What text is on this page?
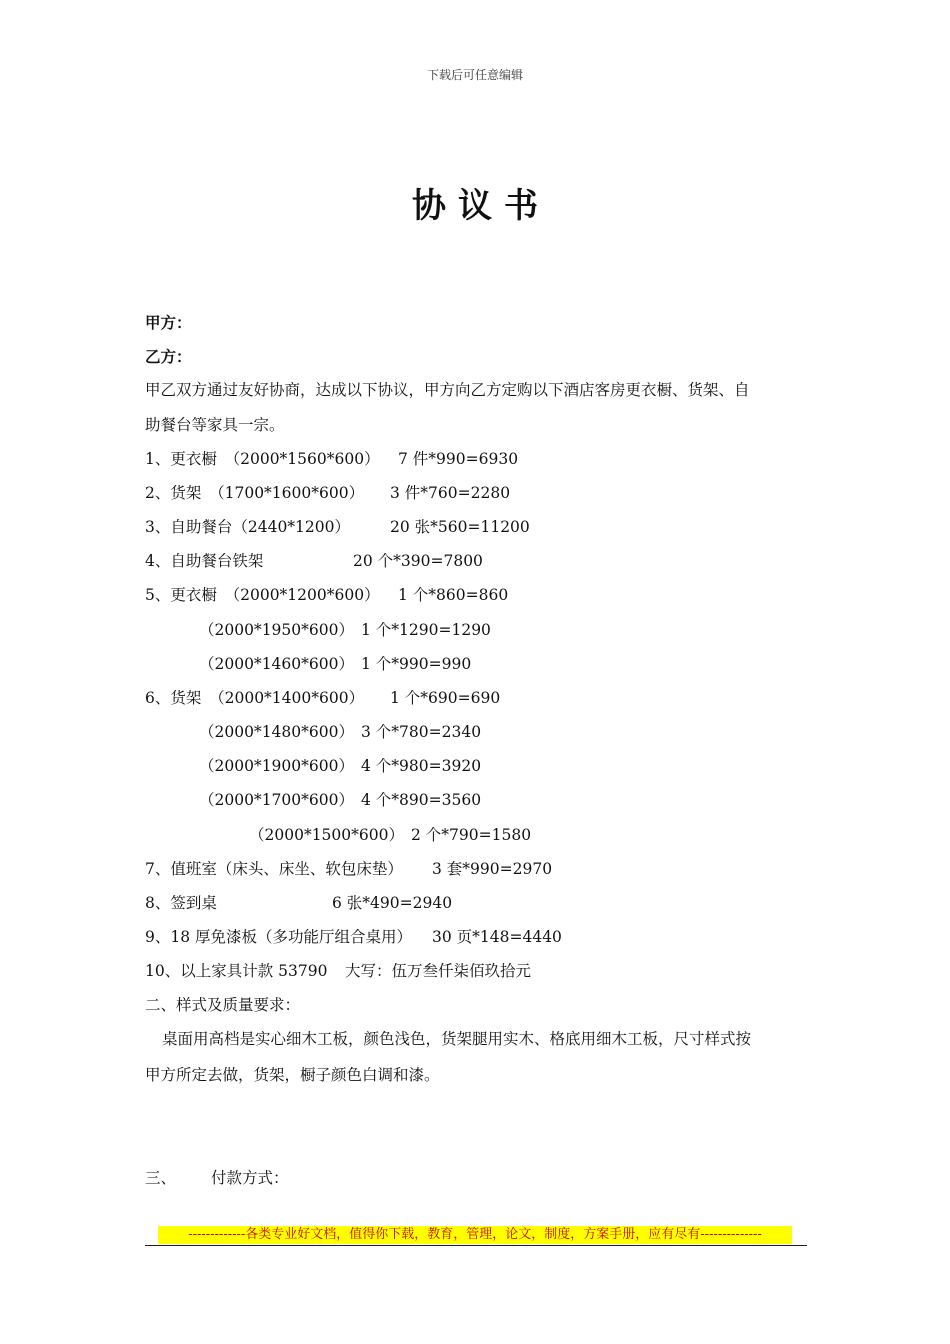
下载后可任意编辑
协议书
甲方：
乙方：
甲乙双方通过友好协商，达成以下协议，甲方向乙方定购以下酒店客房更衣橱、货架、自
助餐台等家具一宗。
1、更衣橱　（2000*1560*600） 7 件*990=6930
2、货架　（1700*1600*600） 3 件*760=2280
3、自助餐台（2440*1200）	20 张*560=11200
4、自助餐台铁架	20 个*390=7800
5、更衣橱　（2000*1200*600） 1 个*860=860
（2000*1950*600） 1 个*1290=1290
（2000*1460*600） 1 个*990=990
6、货架　（2000*1400*600） 1 个*690=690
（2000*1480*600） 3 个*780=2340
（2000*1900*600） 4 个*980=3920
（2000*1700*600） 4 个*890=3560
（2000*1500*600） 2 个*790=1580
7、值班室（床头、床坐、软包床垫） 3 套*990=2970
8、签到桌	6 张*490=2940
9、18 厚免漆板（多功能厅组合桌用） 30 页*148=4440
10、以上家具计款 53790 大写：伍万叁仟柒佰玖拾元
二、样式及质量要求：
桌面用高档是实心细木工板，颜色浅色，货架腿用实木、格底用细木工板，尺寸样式按
甲方所定去做，货架，橱子颜色白调和漆。
三、 付款方式：
-------------各类专业好文档，值得你下载，教育，管理，论文，制度，方案手册，应有尽有--------------
